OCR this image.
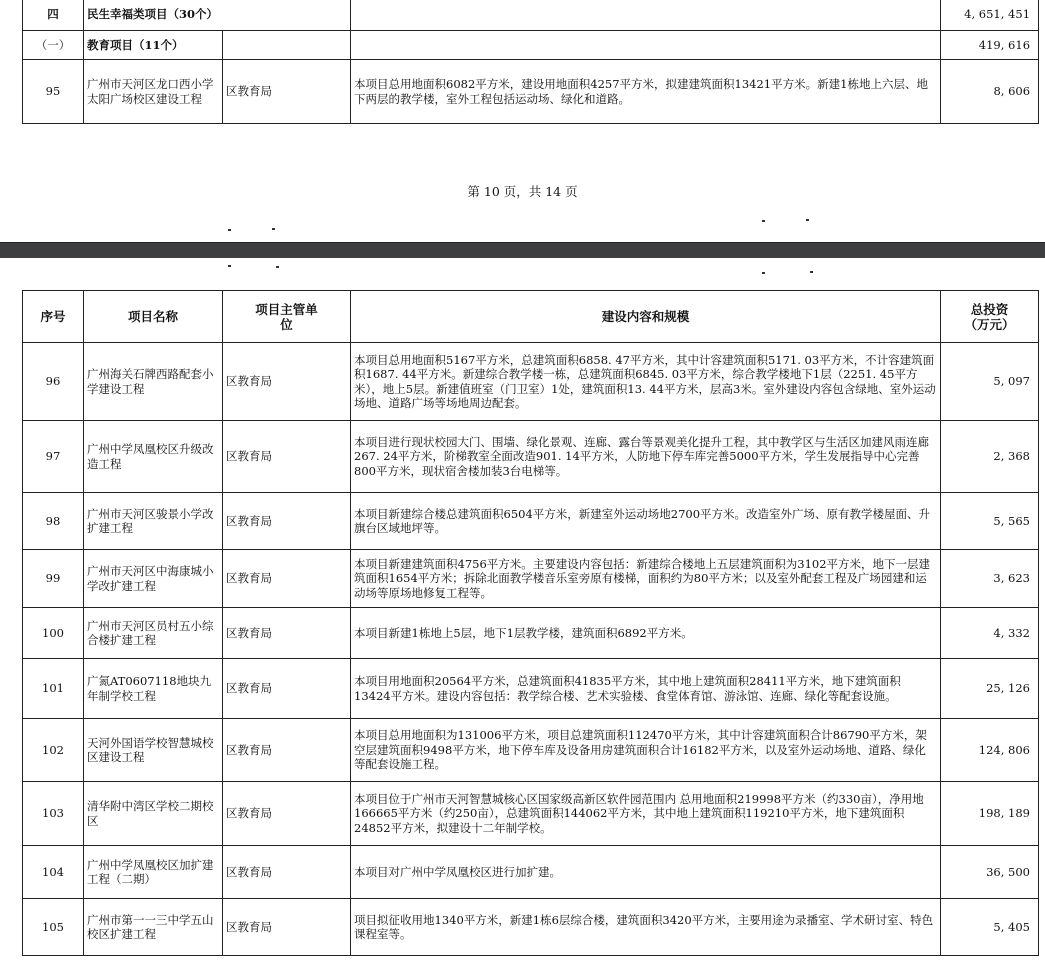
四	民生幸福类项目（30个）			4, 651, 451
（一）	教育项目（11个）			419, 616
95	广州市天河区龙口西小学太阳广场校区建设工程	区教育局	本项目总用地面积6082平方米，建设用地面积4257平方米，拟建建筑面积13421平方米。新建1栋地上六层、地下两层的教学楼，室外工程包括运动场、绿化和道路。	8, 606
第 10 页，共 14 页
序号	项目名称	项目主管单位	建设内容和规模	总投资（万元）
96	广州海关石牌西路配套小学建设工程	区教育局	本项目总用地面积5167平方米，总建筑面积6858. 47平方米，其中计容建筑面积5171. 03平方米，不计容建筑面积1687. 44平方米。新建综合教学楼一栋，总建筑面积6845. 03平方米，综合教学楼地下1层（2251. 45平方米），地上5层。新建值班室（门卫室）1处，建筑面积13. 44平方米，层高3米。室外建设内容包含绿地、室外运动场地、道路广场等场地周边配套。	5, 097
97	广州中学凤凰校区升级改造工程	区教育局	本项目进行现状校园大门、围墙、绿化景观、连廊、露台等景观美化提升工程，其中教学区与生活区加建风雨连廊267. 24平方米，阶梯教室全面改造901. 14平方米，人防地下停车库完善5000平方米，学生发展指导中心完善800平方米，现状宿舍楼加装3台电梯等。	2, 368
98	广州市天河区骏景小学改扩建工程	区教育局	本项目新建综合楼总建筑面积6504平方米，新建室外运动场地2700平方米。改造室外广场、原有教学楼屋面、升旗台区域地坪等。	5, 565
99	广州市天河区中海康城小学改扩建工程	区教育局	本项目新建建筑面积4756平方米。主要建设内容包括：新建综合楼地上五层建筑面积为3102平方米，地下一层建筑面积1654平方米；拆除北面教学楼音乐室旁原有楼梯，面积约为80平方米；以及室外配套工程及广场园建和运动场等原场地修复工程等。	3, 623
100	广州市天河区员村五小综合楼扩建工程	区教育局	本项目新建1栋地上5层，地下1层教学楼，建筑面积6892平方米。	4, 332
101	广氮AT0607118地块九年制学校工程	区教育局	本项目用地面积20564平方米，总建筑面积41835平方米，其中地上建筑面积28411平方米，地下建筑面积13424平方米。建设内容包括：教学综合楼、艺术实验楼、食堂体育馆、游泳馆、连廊、绿化等配套设施。	25, 126
102	天河外国语学校智慧城校区建设工程	区教育局	本项目总用地面积为131006平方米，项目总建筑面积112470平方米，其中计容建筑面积合计86790平方米，架空层建筑面积9498平方米，地下停车库及设备用房建筑面积合计16182平方米，以及室外运动场地、道路、绿化等配套设施工程。	124, 806
103	清华附中湾区学校二期校区	区教育局	本项目位于广州市天河智慧城核心区国家级高新区软件园范围内 总用地面积219998平方米（约330亩），净用地166665平方米（约250亩），总建筑面积144062平方米，其中地上建筑面积119210平方米，地下建筑面积24852平方米，拟建设十二年制学校。	198, 189
104	广州中学凤凰校区加扩建工程（二期）	区教育局	本项目对广州中学凤凰校区进行加扩建。	36, 500
105	广州市第一一三中学五山校区扩建工程	区教育局	项目拟征收用地1340平方米，新建1栋6层综合楼，建筑面积3420平方米，主要用途为录播室、学术研讨室、特色课程室等。	5, 405
